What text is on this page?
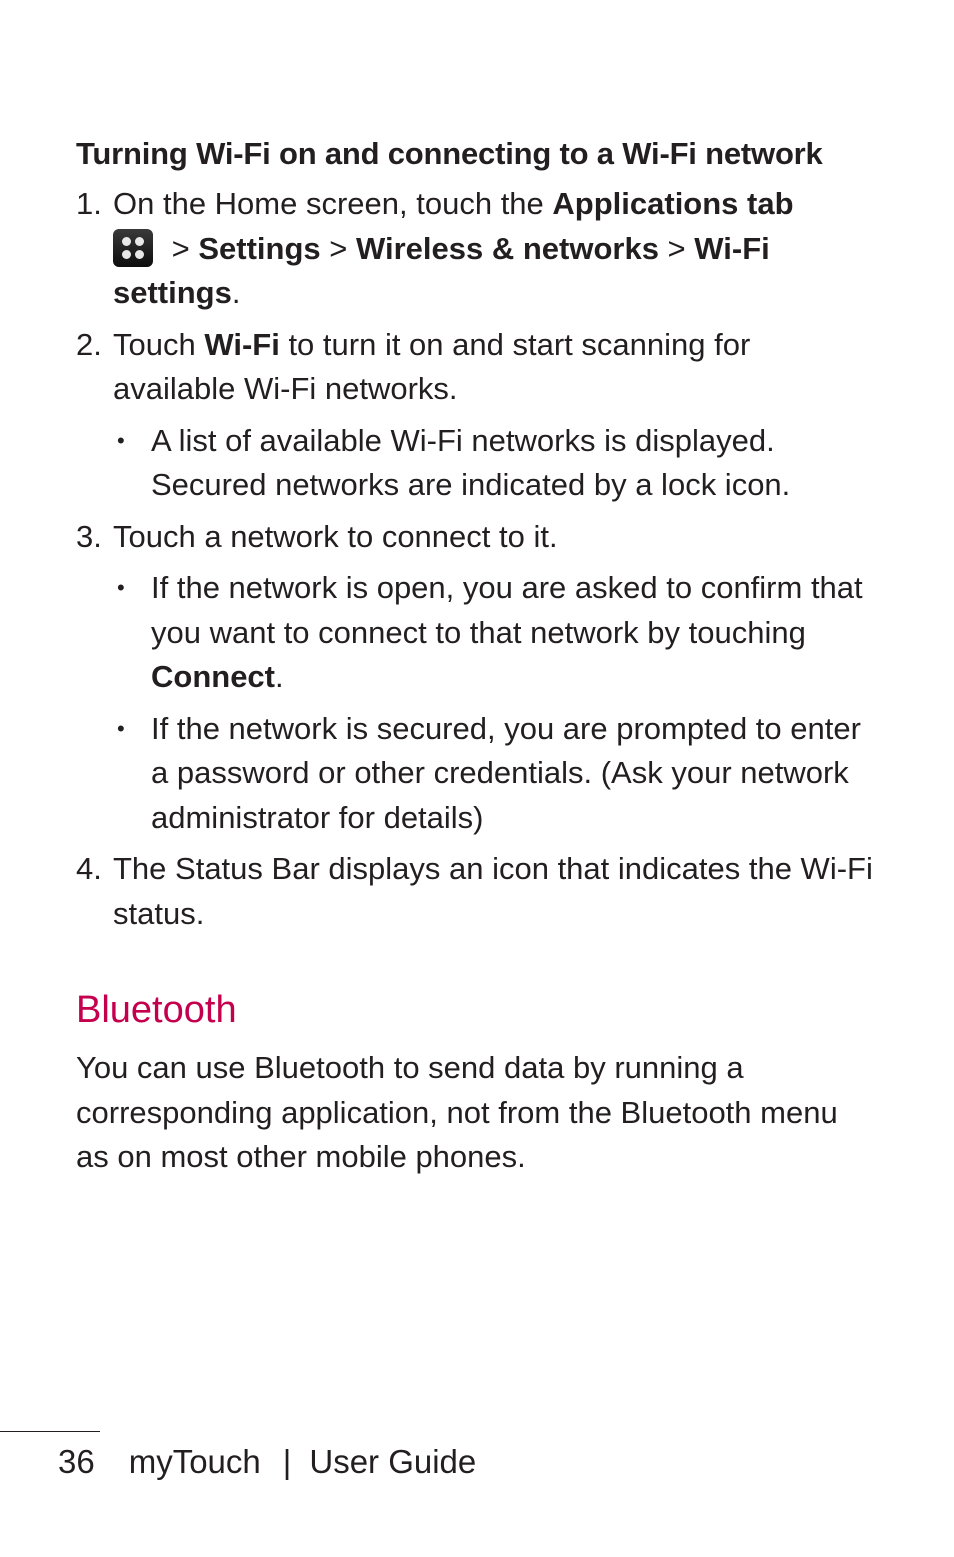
Turning Wi-Fi on and connecting to a Wi-Fi network
1. On the Home screen, touch the Applications tab

> Settings > Wireless & networks > Wi-Fi settings.
2. Touch Wi-Fi to turn it on and start scanning for available Wi-Fi networks.
• A list of available Wi-Fi networks is displayed. Secured networks are indicated by a lock icon.
3. Touch a network to connect to it.
• If the network is open, you are asked to confirm that you want to connect to that network by touching Connect.
• If the network is secured, you are prompted to enter a password or other credentials. (Ask your network administrator for details)
4. The Status Bar displays an icon that indicates the Wi-Fi status.
Bluetooth

You can use Bluetooth to send data by running a corresponding application, not from the Bluetooth menu as on most other mobile phones.

36 myTouch | User Guide
